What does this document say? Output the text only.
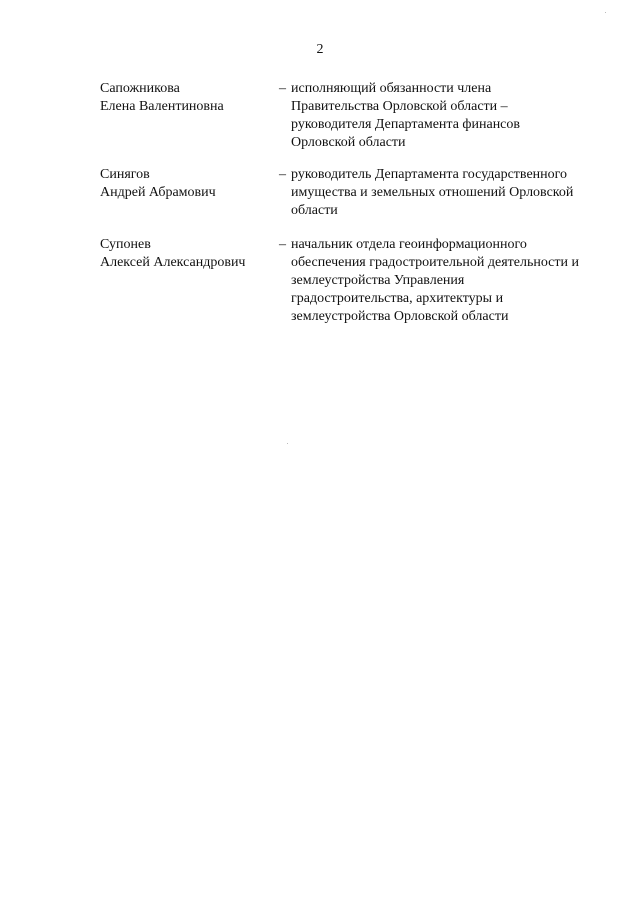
2
Сапожникова
Елена Валентиновна
– исполняющий обязанности члена
Правительства Орловской области –
руководителя Департамента финансов
Орловской области
Синягов
Андрей Абрамович
– руководитель Департамента государственного
имущества и земельных отношений Орловской
области
Супонев
Алексей Александрович
– начальник отдела геоинформационного
обеспечения градостроительной деятельности и
землеустройства Управления
градостроительства, архитектуры и
землеустройства Орловской области
